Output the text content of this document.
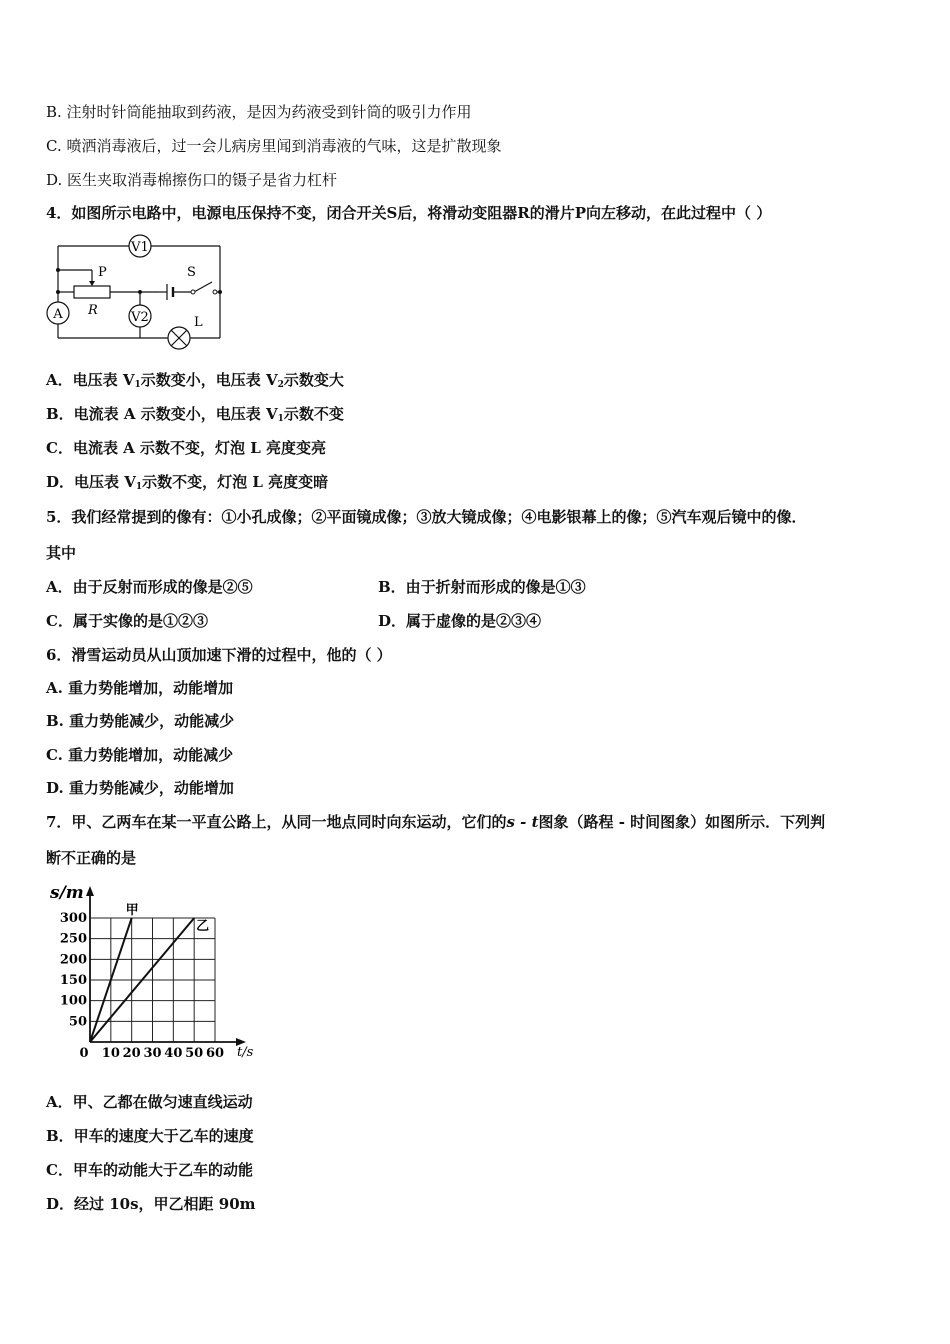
B. 注射时针筒能抽取到药液，是因为药液受到针筒的吸引力作用
C. 喷洒消毒液后，过一会儿病房里闻到消毒液的气味，这是扩散现象
D. 医生夹取消毒棉擦伤口的镊子是省力杠杆
4．如图所示电路中，电源电压保持不变，闭合开关S后，将滑动变阻器R的滑片P向左移动，在此过程中（ ）
V1
A	V2
P
R
S
L
A．电压表 $V_1$示数变小，电压表 $V_2$示数变大
B．电流表 A 示数变小，电压表 $V_1$示数不变
C．电流表 A 示数不变，灯泡 L 亮度变亮
D．电压表 $V_1$示数不变，灯泡 L 亮度变暗
5．我们经常提到的像有：①小孔成像；②平面镜成像；③放大镜成像；④电影银幕上的像；⑤汽车观后镜中的像．
其中
A．由于反射而形成的像是②⑤	B．由于折射而形成的像是①③
C．属于实像的是①②③	D．属于虚像的是②③④
6．滑雪运动员从山顶加速下滑的过程中，他的（ ）
A. 重力势能增加，动能增加
B. 重力势能减少，动能减少
C. 重力势能增加，动能减少
D. 重力势能减少，动能增加
7．甲、乙两车在某一平直公路上，从同一地点同时向东运动，它们的s - t图象（路程 - 时间图象）如图所示．下列判
断不正确的是
0 10 20 30 40 50 60
50
100
150
200
250
300
甲
乙
s/m
t/s
A．甲、乙都在做匀速直线运动
B．甲车的速度大于乙车的速度
C．甲车的动能大于乙车的动能
D．经过 10s，甲乙相距 90m
